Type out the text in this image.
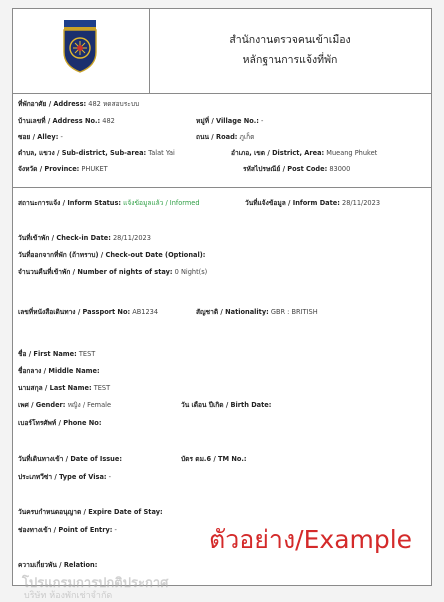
สำนักงานตรวจคนเข้าเมือง
หลักฐานการแจ้งที่พัก
ที่พักอาศัย / Address: 482 หดสอบระบบ
บ้านเลขที่ / Address No.: 482	หมู่ที่ / Village No.: -
ซอย / Alley: -	ถนน / Road: ภูเก็ต
ตำบล, แขวง / Sub-district, Sub-area: Talat Yai	อำเภอ, เขต / District, Area: Mueang Phuket
จังหวัด / Province: PHUKET	รหัสไปรษณีย์ / Post Code: 83000
สถานะการแจ้ง / Inform Status: แจ้งข้อมูลแล้ว / Informed	วันที่แจ้งข้อมูล / Inform Date: 28/11/2023
วันที่เข้าพัก / Check-in Date: 28/11/2023
วันที่ออกจากที่พัก (ถ้าทราบ) / Check-out Date (Optional):
จำนวนคืนที่เข้าพัก / Number of nights of stay: 0 Night(s)
เลขที่หนังสือเดินทาง / Passport No: AB1234	สัญชาติ / Nationality: GBR : BRITISH
ชื่อ / First Name: TEST
ชื่อกลาง / Middle Name:
นามสกุล / Last Name: TEST
เพศ / Gender: หญิง / Female	วัน เดือน ปีเกิด / Birth Date:
เบอร์โทรศัพท์ / Phone No:
วันที่เดินทางเข้า / Date of Issue:	บัตร ตม.6 / TM No.:
ประเภทวีซ่า / Type of Visa: -
วันครบกำหนดอนุญาต / Expire Date of Stay:
ช่องทางเข้า / Point of Entry: -
ความเกี่ยวพัน / Relation:
ตัวอย่าง/Example
โปรแกรมการปกติประกาศ
บริษัท ห้องพักเช่าจำกัด
